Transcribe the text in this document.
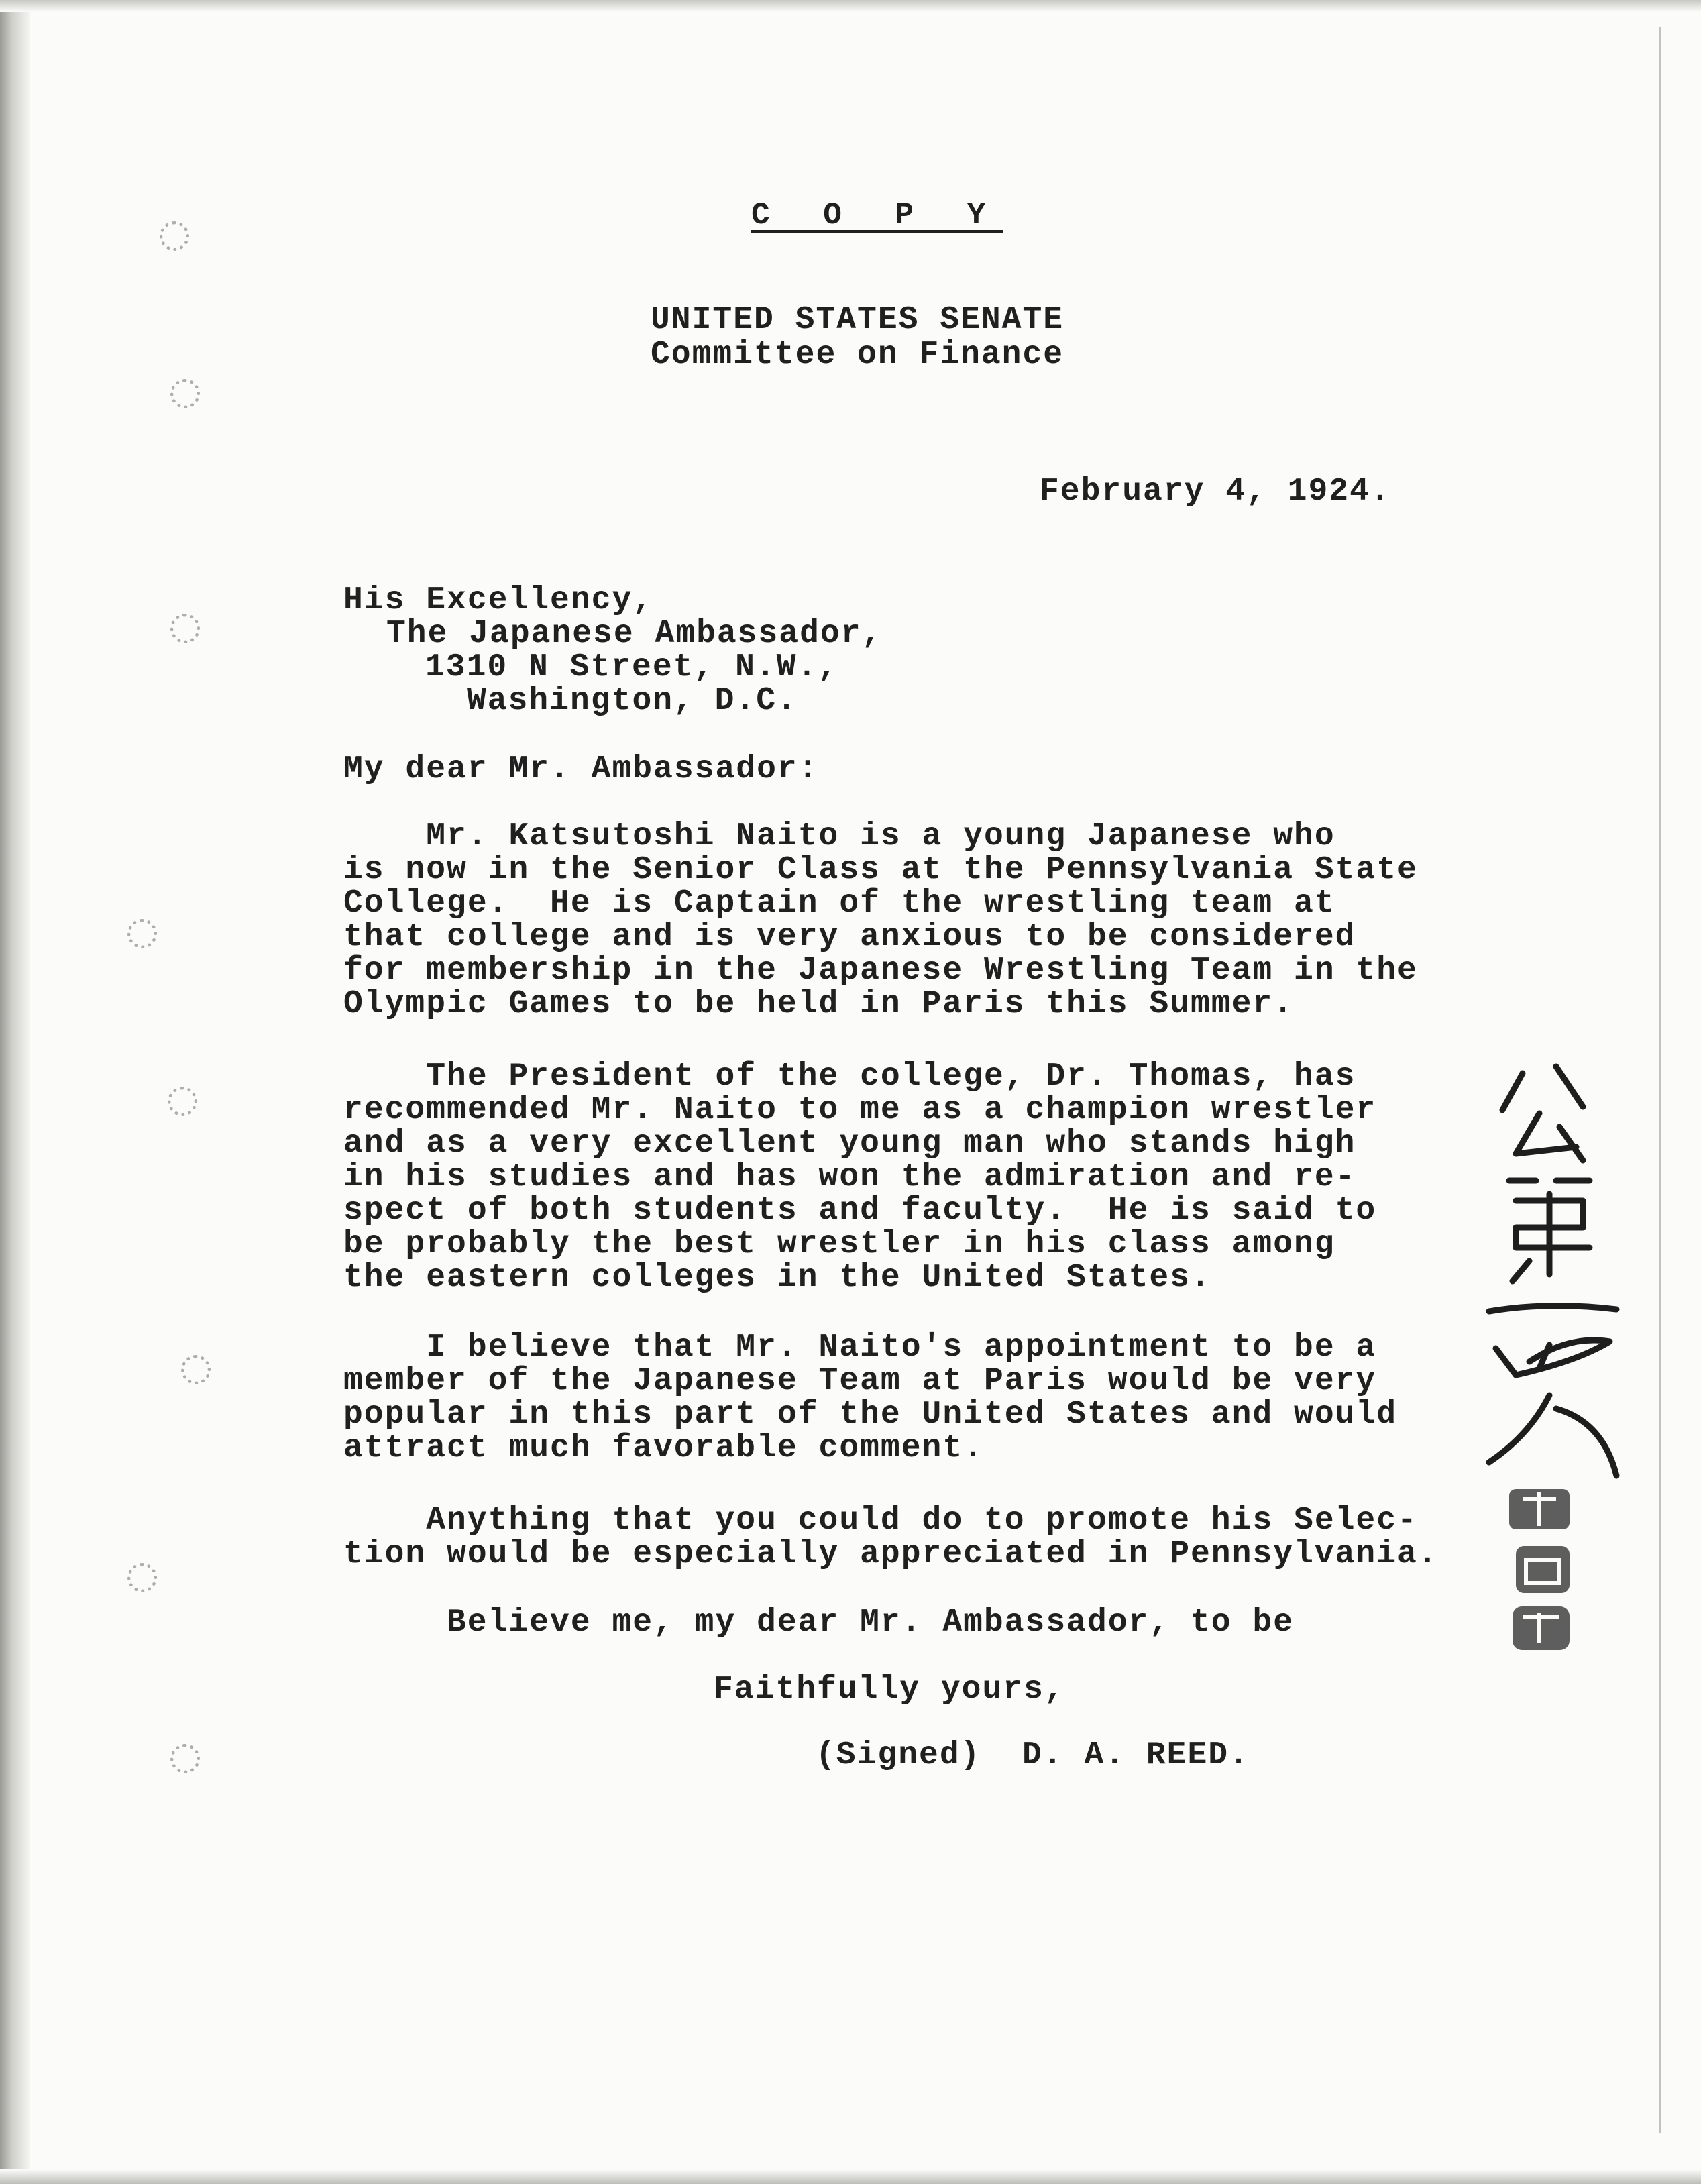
C O P Y
UNITED STATES SENATE
Committee on Finance
February 4, 1924.
His Excellency,
The Japanese Ambassador,
1310 N Street, N.W.,
Washington, D.C.
My dear Mr. Ambassador:
Mr. Katsutoshi Naito is a young Japanese who
is now in the Senior Class at the Pennsylvania State
College.  He is Captain of the wrestling team at
that college and is very anxious to be considered
for membership in the Japanese Wrestling Team in the
Olympic Games to be held in Paris this Summer.
The President of the college, Dr. Thomas, has
recommended Mr. Naito to me as a champion wrestler
and as a very excellent young man who stands high
in his studies and has won the admiration and re-
spect of both students and faculty.  He is said to
be probably the best wrestler in his class among
the eastern colleges in the United States.
I believe that Mr. Naito's appointment to be a
member of the Japanese Team at Paris would be very
popular in this part of the United States and would
attract much favorable comment.
Anything that you could do to promote his Selec-
tion would be especially appreciated in Pennsylvania.
Believe me, my dear Mr. Ambassador, to be
Faithfully yours,
(Signed)  D. A. REED.
